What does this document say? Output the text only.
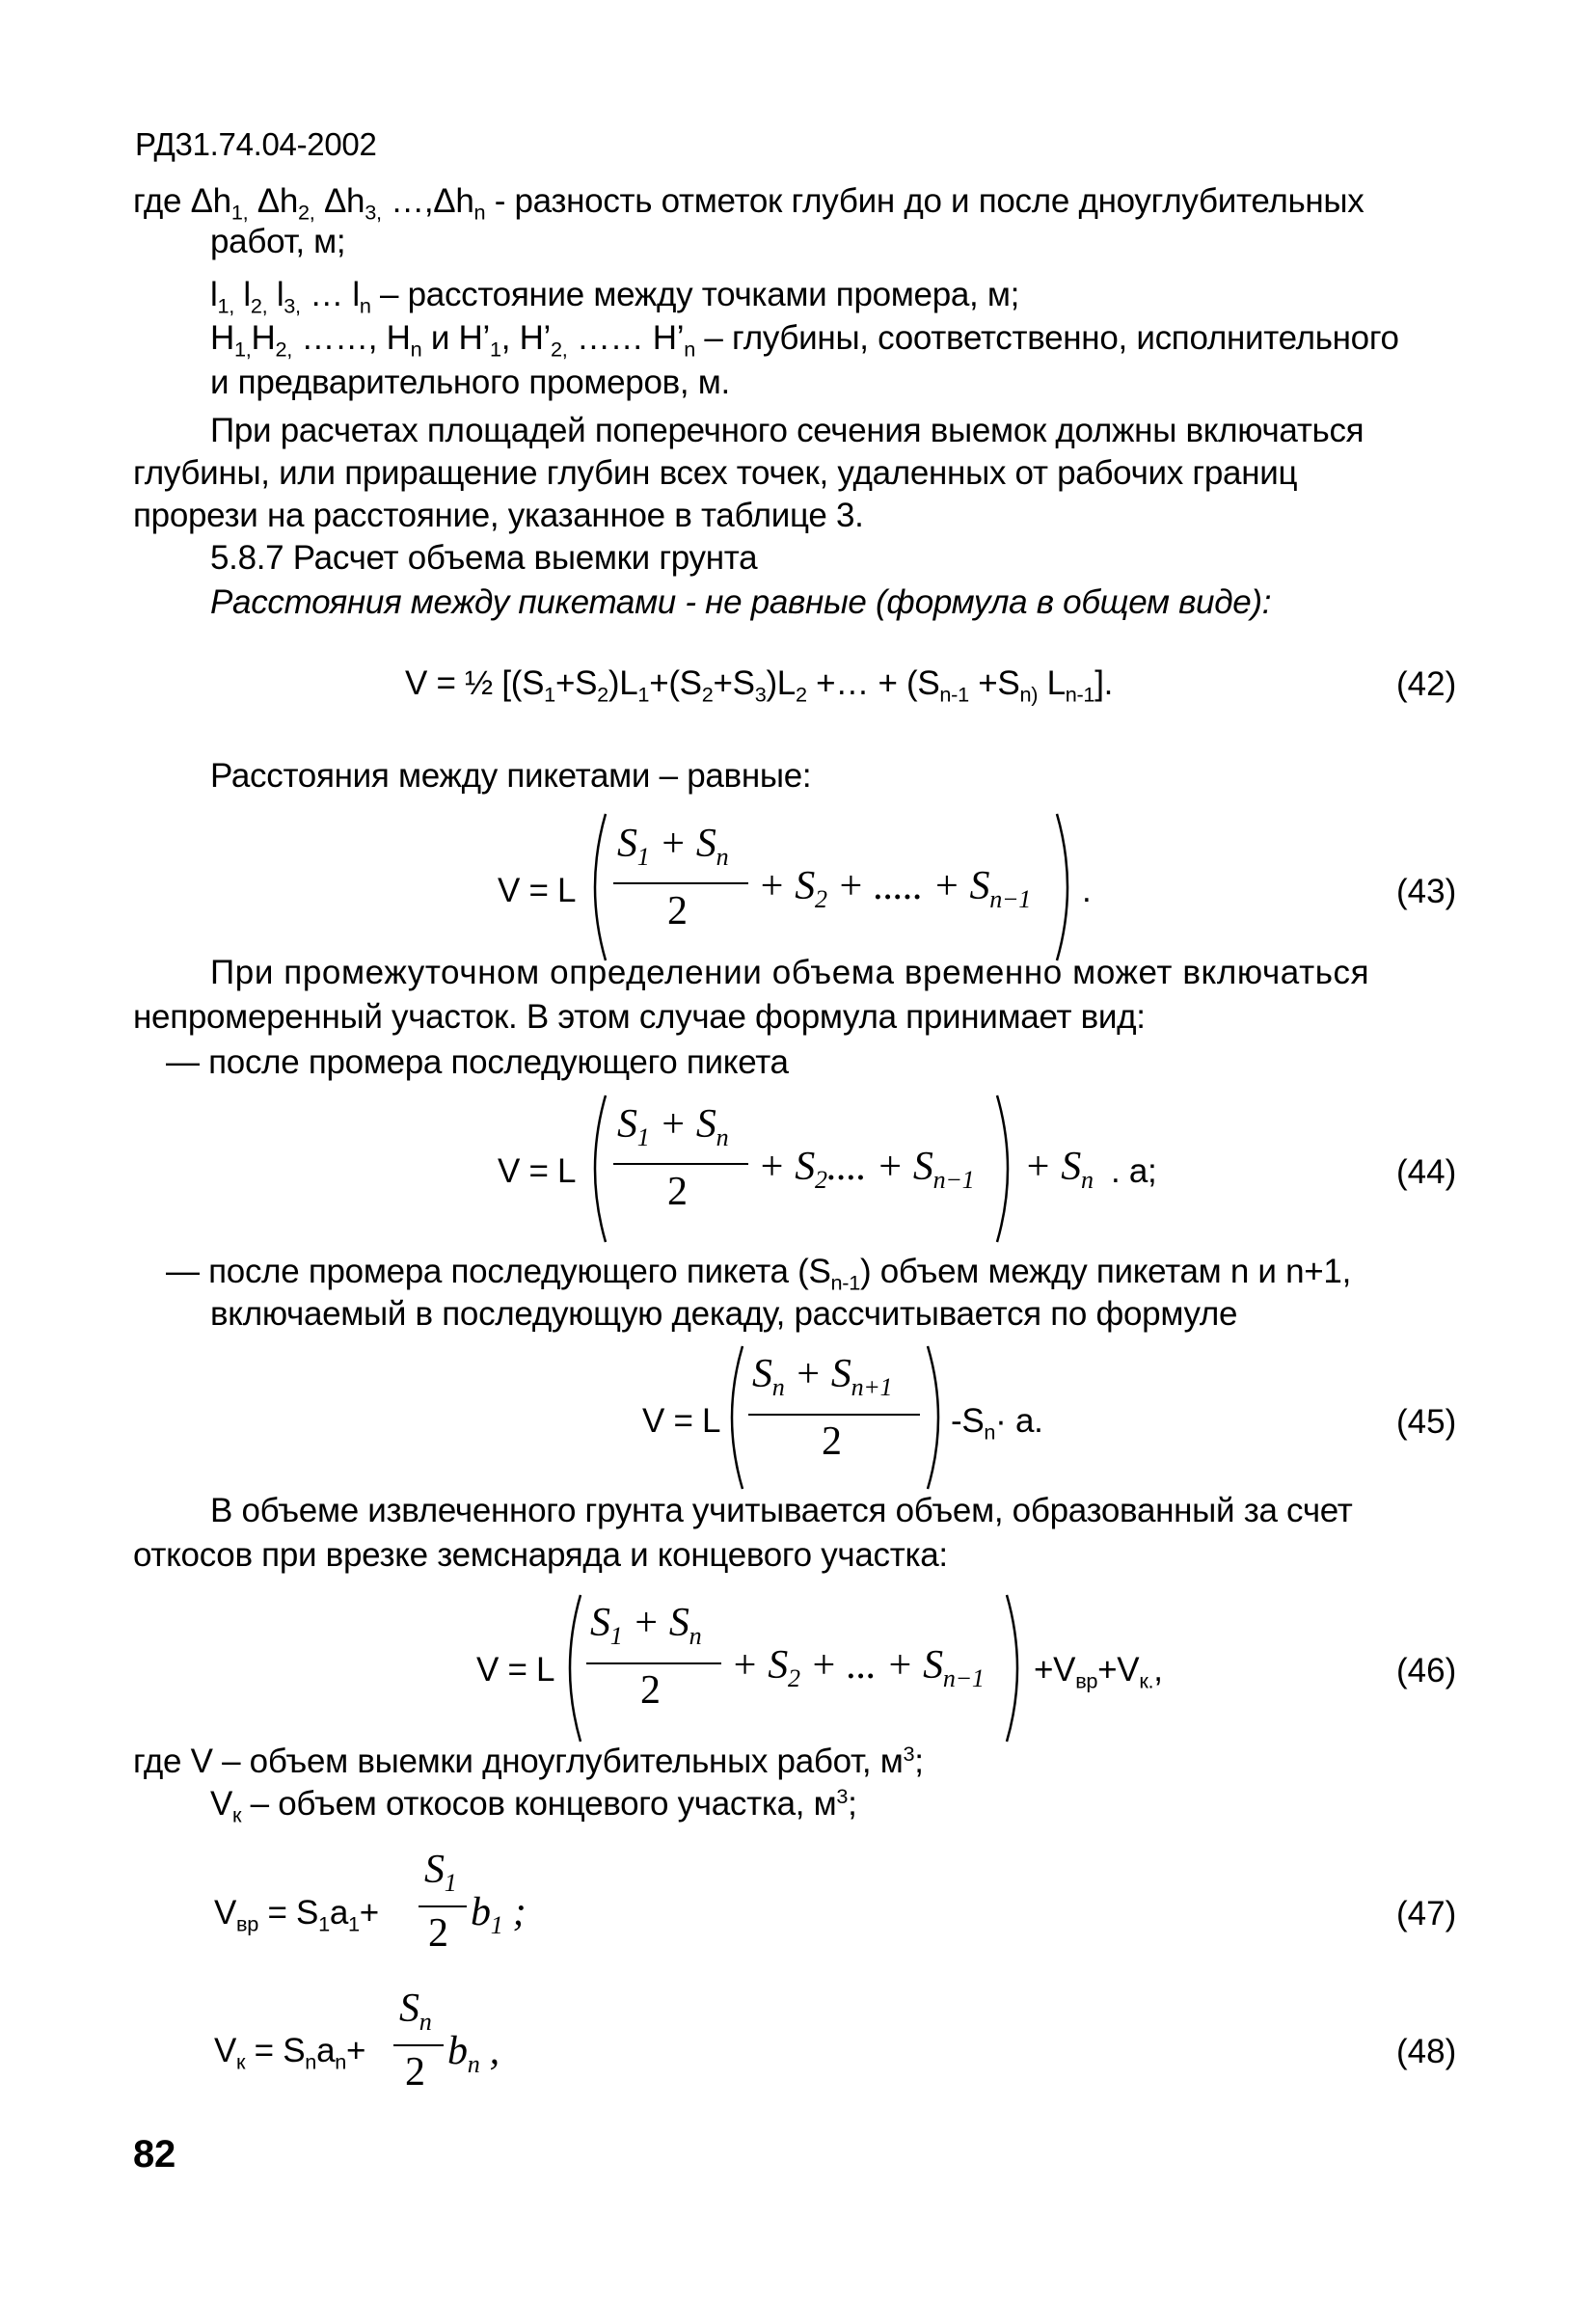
РД31.74.04-2002
где $\Delta h_{1,}$ $\Delta h_{2,}$ $\Delta h_{3,}$ $\dots,\Delta h_n$ - разность отметок глубин до и после дноуглубительных
работ, м;
$l_{1,}$ $l_{2,}$ $l_{3,}$ … $l_n$ – расстояние между точками промера, м;
$H_{1,}H_{2,}$ ……, $H_n$ и $H’_1$, $H’_{2,}$ …… $H’_n$ – глубины, соответственно, исполнительного
и предварительного промеров, м.
При расчетах площадей поперечного сечения выемок должны включаться
глубины, или приращение глубин всех точек, удаленных от рабочих границ
прорези на расстояние, указанное в таблице 3.
5.8.7 Расчет объема выемки грунта
Расстояния между пикетами - не равные (формула в общем виде):
V = ½ [$(S_1+S_2)L_1+(S_2+S_3)L_2$ +… + ($S_{n-1} +S_{n)}$ $L_{n-1}$].	(42)
Расстояния между пикетами – равные:
V = L
$S_1 + S_n$
2
+ $S_2$ + ..... + $S_{n-1}$ .	(43)
При промежуточном определении объема временно может включаться
непромеренный участок. В этом случае формула принимает вид:
— после промера последующего пикета
V = L
$S_1 + S_n$
2
+ $S_2$.... + $S_{n-1} + S_n$ . a;	(44)
— после промера последующего пикета $(S_{n-1})$ объем между пикетам n и n+1,
включаемый в последующую декаду, рассчитывается по формуле
V = L
$S_n + S_{n+1}$
2	$-S_n\cdot a$.	(45)
В объеме извлеченного грунта учитывается объем, образованный за счет
откосов при врезке земснаряда и концевого участка:
V = L
$S_1 + S_n$
2
+ $S_2$ + ... + $S_{n-1} +V_{вр}+V_{к.}$,	(46)
где V – объем выемки дноуглубительных работ, $м^3$;
$V_к$ – объем откосов концевого участка, $м^3$;
$V_{вр} = S_1a_1+$
$S_1$
2 $b_1$ ;	(47)
$V_к = S_na_n+$
$S_n$
2 $b_n$ ,	(48)
82
